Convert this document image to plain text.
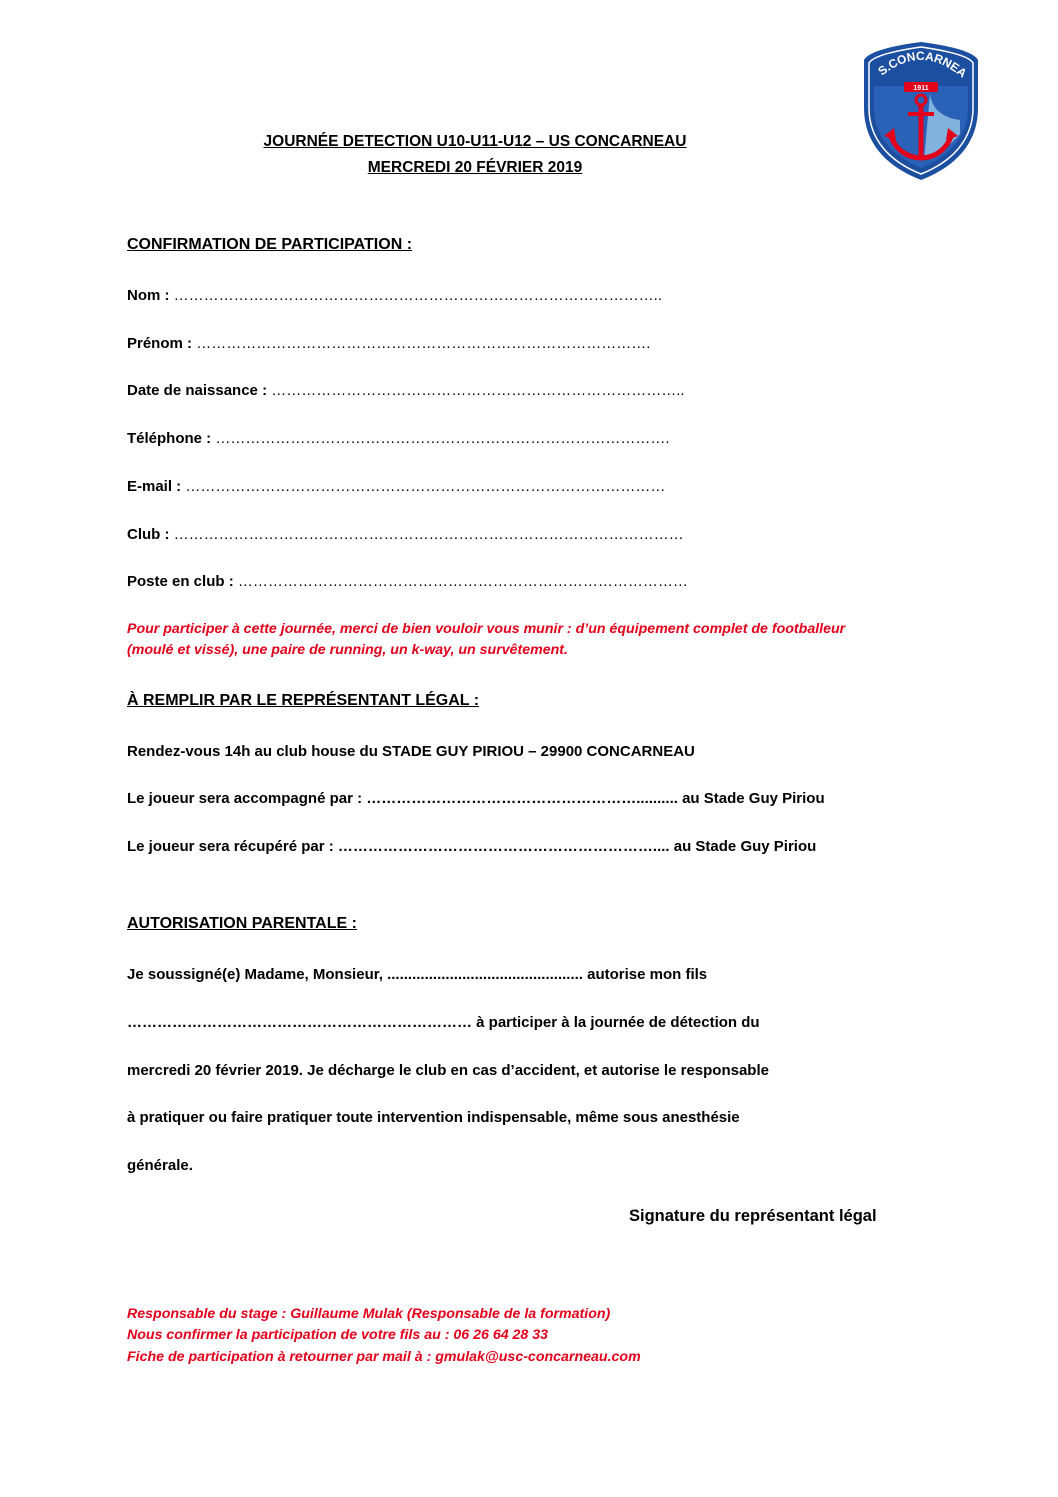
S.CONCARNEA
1911
JOURNÉE DETECTION U10-U11-U12 – US CONCARNEAU
MERCREDI 20 FÉVRIER 2019
CONFIRMATION DE PARTICIPATION :
Nom : ……………………………………………………………………………………..
Prénom : ……………………………………………………………………………….
Date de naissance : ………………………………………………………………………..
Téléphone : ……………………………………………………………………………….
E-mail : ……………………………………………………………………………………
Club : …………………………………………………………………………………………
Poste en club : ………………………………………………………………………………
Pour participer à cette journée, merci de bien vouloir vous munir : d’un équipement complet de footballeur
(moulé et vissé), une paire de running, un k-way, un survêtement.
À REMPLIR PAR LE REPRÉSENTANT LÉGAL :
Rendez-vous 14h au club house du STADE GUY PIRIOU – 29900 CONCARNEAU
Le joueur sera accompagné par : ……………………………………………….......... au Stade Guy Piriou
Le joueur sera récupéré par : ……………………………………………………….... au Stade Guy Piriou
AUTORISATION PARENTALE :
Je soussigné(e) Madame, Monsieur, ............................................... autorise mon fils
…………………………………………………………… à participer à la journée de détection du
mercredi 20 février 2019. Je décharge le club en cas d’accident, et autorise le responsable
à pratiquer ou faire pratiquer toute intervention indispensable, même sous anesthésie
générale.
Signature du représentant légal
Responsable du stage : Guillaume Mulak (Responsable de la formation)
Nous confirmer la participation de votre fils au : 06 26 64 28 33
Fiche de participation à retourner par mail à : gmulak@usc-concarneau.com
